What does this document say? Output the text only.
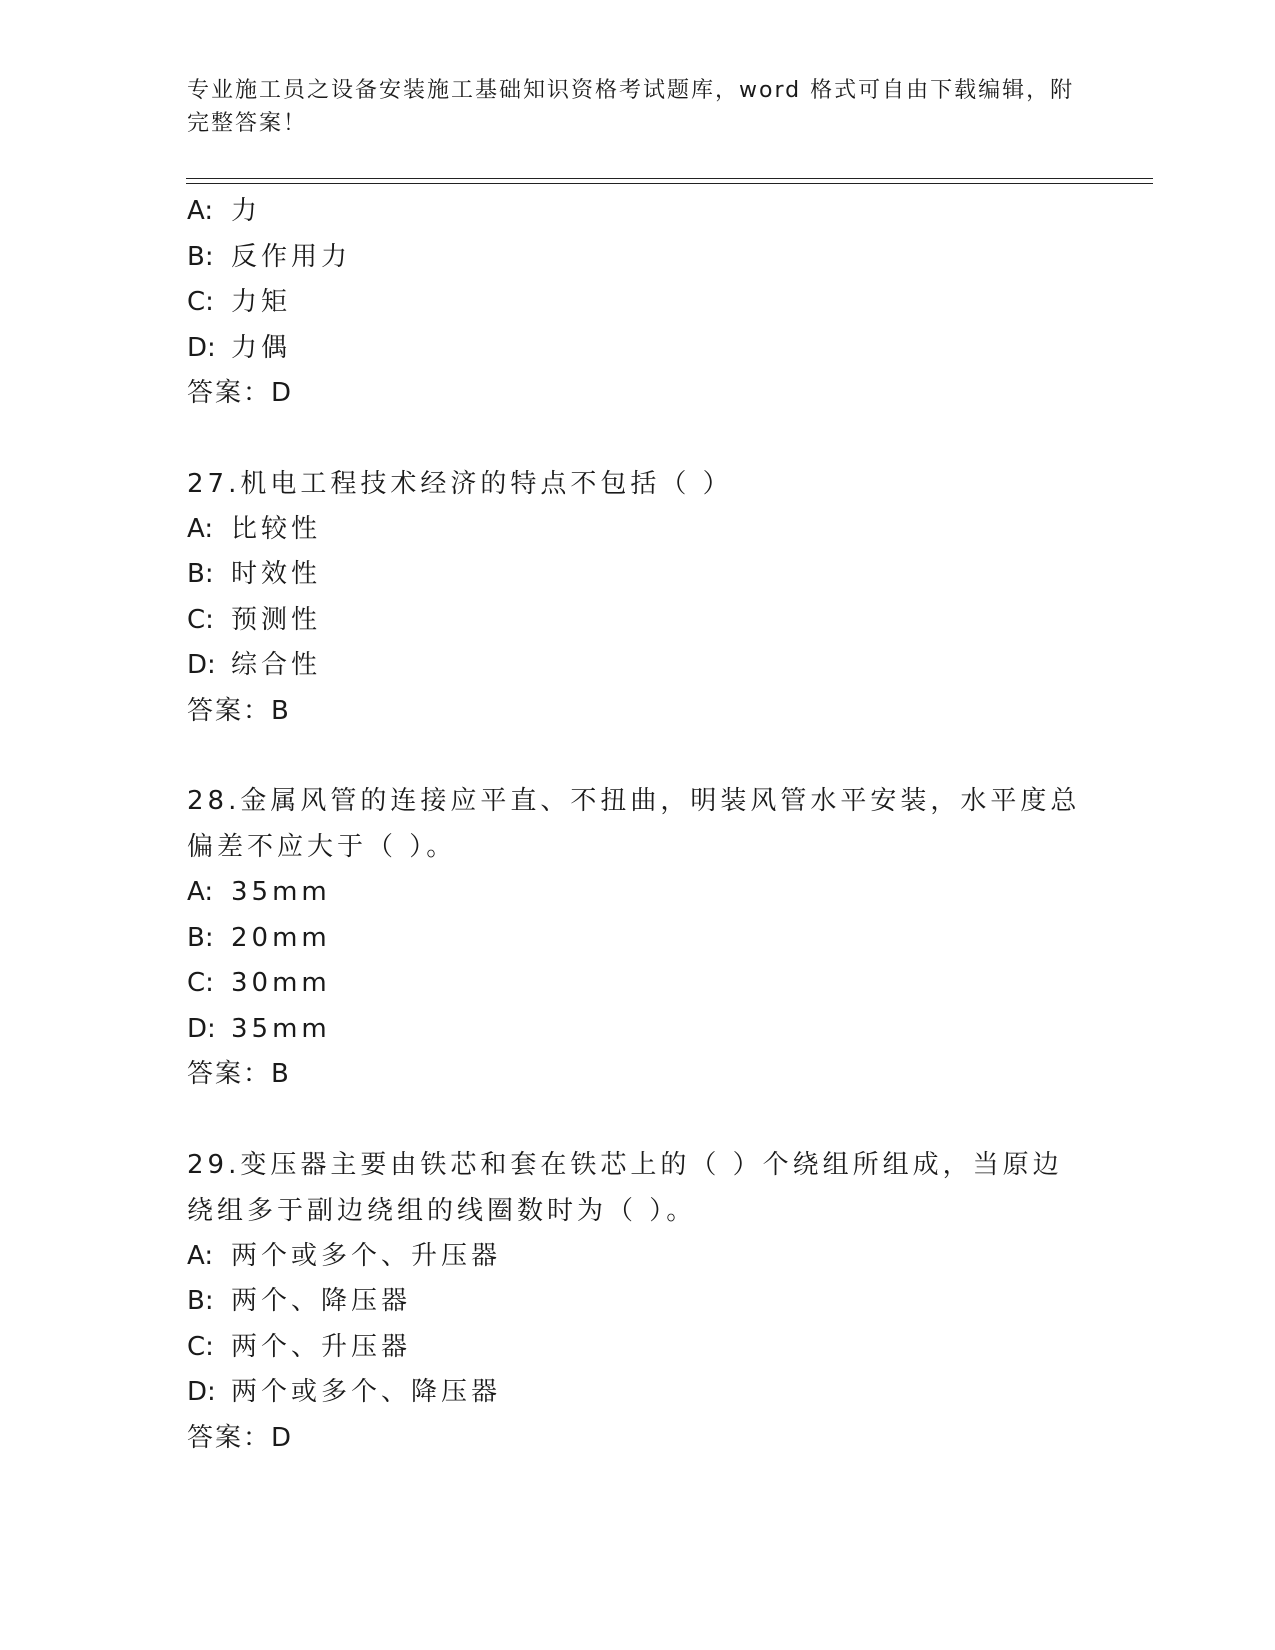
专业施工员之设备安装施工基础知识资格考试题库，word 格式可自由下载编辑，附完整答案！
A: 力
B: 反作用力
C: 力矩
D: 力偶
答案：D
27.机电工程技术经济的特点不包括（ ）
A: 比较性
B: 时效性
C: 预测性
D: 综合性
答案：B
28.金属风管的连接应平直、不扭曲，明装风管水平安装，水平度总偏差不应大于（ ）。
A: 35mm
B: 20mm
C: 30mm
D: 35mm
答案：B
29.变压器主要由铁芯和套在铁芯上的（ ）个绕组所组成，当原边绕组多于副边绕组的线圈数时为（ ）。
A: 两个或多个、升压器
B: 两个、降压器
C: 两个、升压器
D: 两个或多个、降压器
答案：D
